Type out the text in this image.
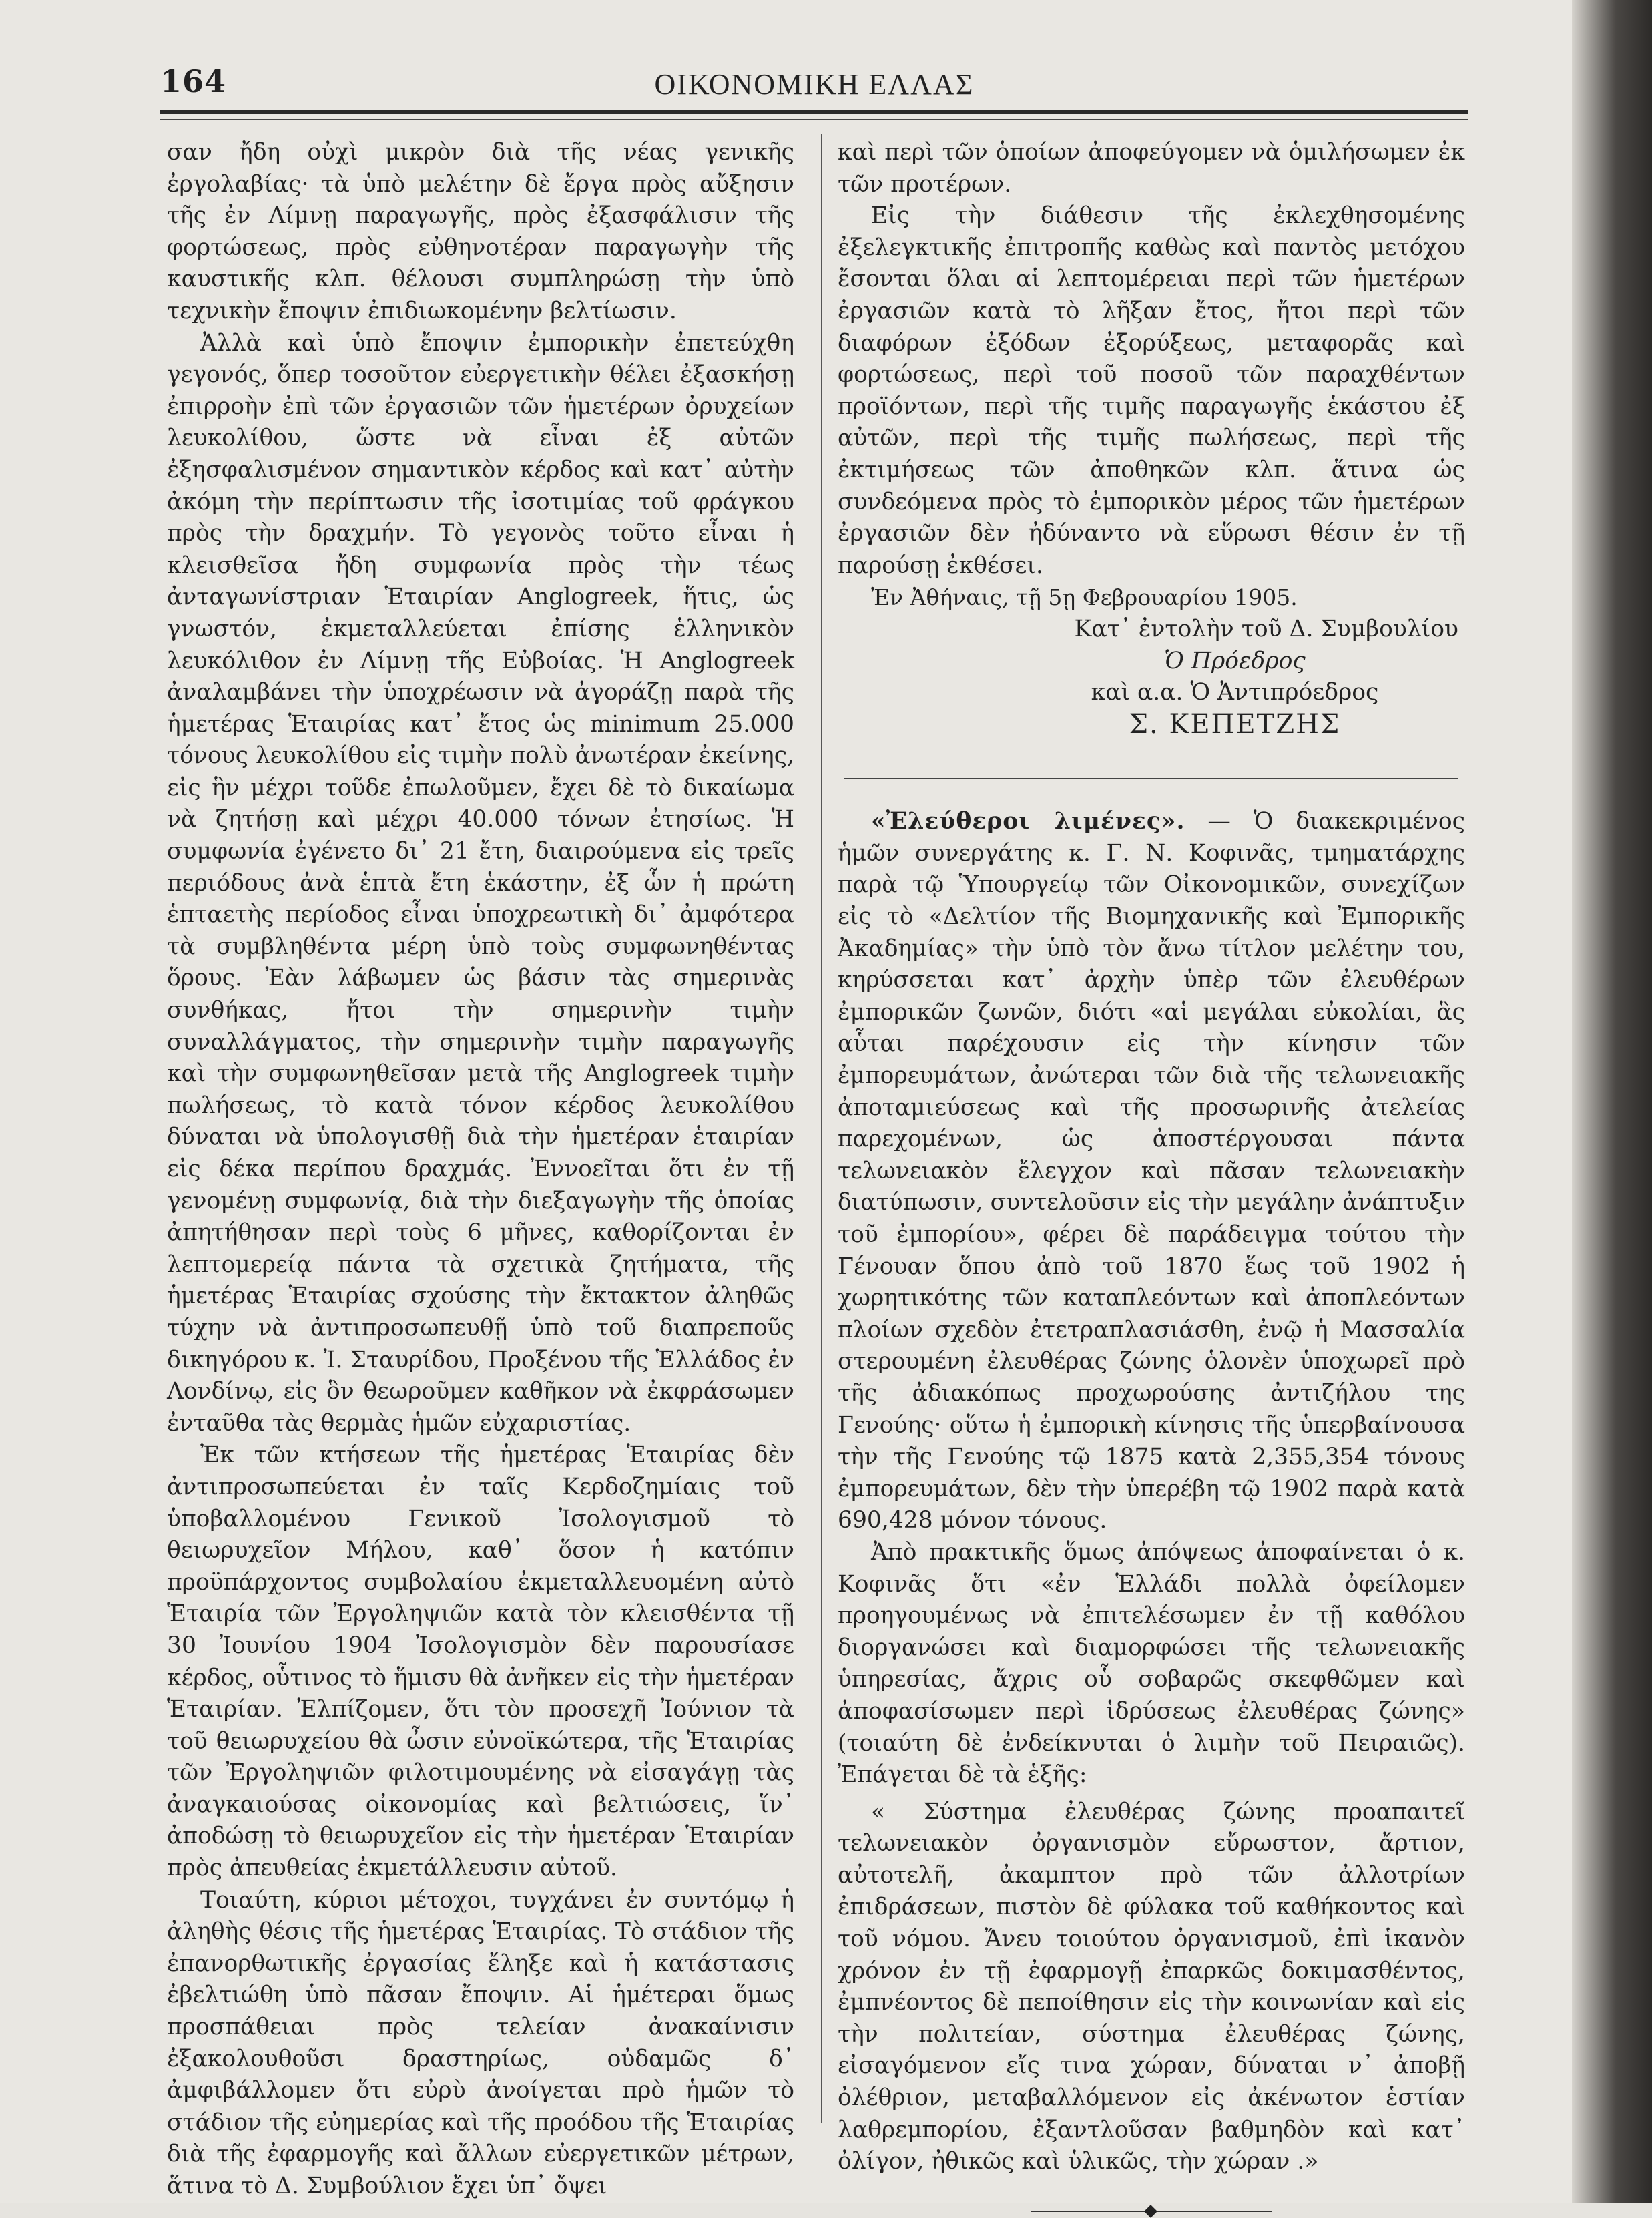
164	ΟΙΚΟΝΟΜΙΚΗ ΕΛΛΑΣ

σαν ἤδη οὐχὶ μικρὸν διὰ τῆς νέας γενικῆς ἐργολαβίας· τὰ ὑπὸ μελέτην δὲ ἔργα πρὸς αὔξησιν τῆς ἐν Λίμνῃ παραγωγῆς, πρὸς ἐξασφάλισιν τῆς φορτώσεως, πρὸς εὐθηνοτέραν παραγωγὴν τῆς καυστικῆς κλπ. θέλουσι συμπληρώσῃ τὴν ὑπὸ τεχνικὴν ἔποψιν ἐπιδιωκομένην βελτίωσιν.

Ἀλλὰ καὶ ὑπὸ ἔποψιν ἐμπορικὴν ἐπετεύχθη γεγονός, ὅπερ τοσοῦτον εὐεργετικὴν θέλει ἐξασκήσῃ ἐπιρροὴν ἐπὶ τῶν ἐργασιῶν τῶν ἡμετέρων ὀρυχείων λευκολίθου, ὥστε νὰ εἶναι ἐξ αὐτῶν ἐξησφαλισμένον σημαντικὸν κέρδος καὶ κατ᾽ αὐτὴν ἀκόμη τὴν περίπτωσιν τῆς ἰσοτιμίας τοῦ φράγκου πρὸς τὴν δραχμήν. Τὸ γεγονὸς τοῦτο εἶναι ἡ κλεισθεῖσα ἤδη συμφωνία πρὸς τὴν τέως ἀνταγωνίστριαν Ἑταιρίαν Anglogreek, ἥτις, ὡς γνωστόν, ἐκμεταλλεύεται ἐπίσης ἑλληνικὸν λευκόλιθον ἐν Λίμνῃ τῆς Εὐβοίας. Ἡ Anglogreek ἀναλαμβάνει τὴν ὑποχρέωσιν νὰ ἀγοράζῃ παρὰ τῆς ἡμετέρας Ἑταιρίας κατ᾽ ἔτος ὡς minimum 25.000 τόνους λευκολίθου εἰς τιμὴν πολὺ ἀνωτέραν ἐκείνης, εἰς ἣν μέχρι τοῦδε ἐπωλοῦμεν, ἔχει δὲ τὸ δικαίωμα νὰ ζητήσῃ καὶ μέχρι 40.000 τόνων ἐτησίως. Ἡ συμφωνία ἐγένετο δι᾽ 21 ἔτη, διαιρούμενα εἰς τρεῖς περιόδους ἀνὰ ἑπτὰ ἔτη ἑκάστην, ἐξ ὧν ἡ πρώτη ἑπταετὴς περίοδος εἶναι ὑποχρεωτικὴ δι᾽ ἀμφότερα τὰ συμβληθέντα μέρη ὑπὸ τοὺς συμφωνηθέντας ὅρους. Ἐὰν λάβωμεν ὡς βάσιν τὰς σημερινὰς συνθήκας, ἤτοι τὴν σημερινὴν τιμὴν συναλλάγματος, τὴν σημερινὴν τιμὴν παραγωγῆς καὶ τὴν συμφωνηθεῖσαν μετὰ τῆς Anglogreek τιμὴν πωλήσεως, τὸ κατὰ τόνον κέρδος λευκολίθου δύναται νὰ ὑπολογισθῇ διὰ τὴν ἡμετέραν ἑταιρίαν εἰς δέκα περίπου δραχμάς. Ἐννοεῖται ὅτι ἐν τῇ γενομένῃ συμφωνίᾳ, διὰ τὴν διεξαγωγὴν τῆς ὁποίας ἀπητήθησαν περὶ τοὺς 6 μῆνες, καθορίζονται ἐν λεπτομερείᾳ πάντα τὰ σχετικὰ ζητήματα, τῆς ἡμετέρας Ἑταιρίας σχούσης τὴν ἔκτακτον ἀληθῶς τύχην νὰ ἀντιπροσωπευθῇ ὑπὸ τοῦ διαπρεποῦς δικηγόρου κ. Ἰ. Σταυρίδου, Προξένου τῆς Ἑλλάδος ἐν Λονδίνῳ, εἰς ὃν θεωροῦμεν καθῆκον νὰ ἐκφράσωμεν ἐνταῦθα τὰς θερμὰς ἡμῶν εὐχαριστίας.

Ἐκ τῶν κτήσεων τῆς ἡμετέρας Ἑταιρίας δὲν ἀντιπροσωπεύεται ἐν ταῖς Κερδοζημίαις τοῦ ὑποβαλλομένου Γενικοῦ Ἰσολογισμοῦ τὸ θειωρυχεῖον Μήλου, καθ᾽ ὅσον ἡ κατόπιν προϋπάρχοντος συμβολαίου ἐκμεταλλευομένη αὐτὸ Ἑταιρία τῶν Ἐργοληψιῶν κατὰ τὸν κλεισθέντα τῇ 30 Ἰουνίου 1904 Ἰσολογισμὸν δὲν παρουσίασε κέρδος, οὗτινος τὸ ἥμισυ θὰ ἀνῆκεν εἰς τὴν ἡμετέραν Ἑταιρίαν. Ἐλπίζομεν, ὅτι τὸν προσεχῆ Ἰούνιον τὰ τοῦ θειωρυχείου θὰ ὦσιν εὐνοϊκώτερα, τῆς Ἑταιρίας τῶν Ἐργοληψιῶν φιλοτιμουμένης νὰ εἰσαγάγῃ τὰς ἀναγκαιούσας οἰκονομίας καὶ βελτιώσεις, ἵν᾽ ἀποδώσῃ τὸ θειωρυχεῖον εἰς τὴν ἡμετέραν Ἑταιρίαν πρὸς ἀπευθείας ἐκμετάλλευσιν αὐτοῦ.

Τοιαύτη, κύριοι μέτοχοι, τυγχάνει ἐν συντόμῳ ἡ ἀληθὴς θέσις τῆς ἡμετέρας Ἑταιρίας. Τὸ στάδιον τῆς ἐπανορθωτικῆς ἐργασίας ἔληξε καὶ ἡ κατάστασις ἐβελτιώθη ὑπὸ πᾶσαν ἔποψιν. Αἱ ἡμέτεραι ὅμως προσπάθειαι πρὸς τελείαν ἀνακαίνισιν ἐξακολουθοῦσι δραστηρίως, οὐδαμῶς δ᾽ ἀμφιβάλλομεν ὅτι εὐρὺ ἀνοίγεται πρὸ ἡμῶν τὸ στάδιον τῆς εὐημερίας καὶ τῆς προόδου τῆς Ἑταιρίας διὰ τῆς ἐφαρμογῆς καὶ ἄλλων εὐεργετικῶν μέτρων, ἅτινα τὸ Δ. Συμβούλιον ἔχει ὑπ᾽ ὄψει

καὶ περὶ τῶν ὁποίων ἀποφεύγομεν νὰ ὁμιλήσωμεν ἐκ τῶν προτέρων.

Εἰς τὴν διάθεσιν τῆς ἐκλεχθησομένης ἐξελεγκτικῆς ἐπιτροπῆς καθὼς καὶ παντὸς μετόχου ἔσονται ὅλαι αἱ λεπτομέρειαι περὶ τῶν ἡμετέρων ἐργασιῶν κατὰ τὸ λῆξαν ἔτος, ἤτοι περὶ τῶν διαφόρων ἐξόδων ἐξορύξεως, μεταφορᾶς καὶ φορτώσεως, περὶ τοῦ ποσοῦ τῶν παραχθέντων προϊόντων, περὶ τῆς τιμῆς παραγωγῆς ἑκάστου ἐξ αὐτῶν, περὶ τῆς τιμῆς πωλήσεως, περὶ τῆς ἐκτιμήσεως τῶν ἀποθηκῶν κλπ. ἅτινα ὡς συνδεόμενα πρὸς τὸ ἐμπορικὸν μέρος τῶν ἡμετέρων ἐργασιῶν δὲν ἠδύναντο νὰ εὕρωσι θέσιν ἐν τῇ παρούσῃ ἐκθέσει.

Ἐν Ἀθήναις, τῇ 5ῃ Φεβρουαρίου 1905.

Κατ᾽ ἐντολὴν τοῦ Δ. Συμβουλίου

Ὁ Πρόεδρος

καὶ α.α. Ὁ Ἀντιπρόεδρος

Σ. ΚΕΠΕΤΖΗΣ

«Ἐλεύθεροι λιμένες». — Ὁ διακεκριμένος ἡμῶν συνεργάτης κ. Γ. Ν. Κοφινᾶς, τμηματάρχης παρὰ τῷ Ὑπουργείῳ τῶν Οἰκονομικῶν, συνεχίζων εἰς τὸ «Δελτίον τῆς Βιομηχανικῆς καὶ Ἐμπορικῆς Ἀκαδημίας» τὴν ὑπὸ τὸν ἄνω τίτλον μελέτην του, κηρύσσεται κατ᾽ ἀρχὴν ὑπὲρ τῶν ἐλευθέρων ἐμπορικῶν ζωνῶν, διότι «αἱ μεγάλαι εὐκολίαι, ἃς αὗται παρέχουσιν εἰς τὴν κίνησιν τῶν ἐμπορευμάτων, ἀνώτεραι τῶν διὰ τῆς τελωνειακῆς ἀποταμιεύσεως καὶ τῆς προσωρινῆς ἀτελείας παρεχομένων, ὡς ἀποστέργουσαι πάντα τελωνειακὸν ἔλεγχον καὶ πᾶσαν τελωνειακὴν διατύπωσιν, συντελοῦσιν εἰς τὴν μεγάλην ἀνάπτυξιν τοῦ ἐμπορίου», φέρει δὲ παράδειγμα τούτου τὴν Γένουαν ὅπου ἀπὸ τοῦ 1870 ἕως τοῦ 1902 ἡ χωρητικότης τῶν καταπλεόντων καὶ ἀποπλεόντων πλοίων σχεδὸν ἐτετραπλασιάσθη, ἐνῷ ἡ Μασσαλία στερουμένη ἐλευθέρας ζώνης ὁλονὲν ὑποχωρεῖ πρὸ τῆς ἀδιακόπως προχωρούσης ἀντιζήλου της Γενούης· οὕτω ἡ ἐμπορικὴ κίνησις τῆς ὑπερβαίνουσα τὴν τῆς Γενούης τῷ 1875 κατὰ 2,355,354 τόνους ἐμπορευμάτων, δὲν τὴν ὑπερέβη τῷ 1902 παρὰ κατὰ 690,428 μόνον τόνους.

Ἀπὸ πρακτικῆς ὅμως ἀπόψεως ἀποφαίνεται ὁ κ. Κοφινᾶς ὅτι «ἐν Ἑλλάδι πολλὰ ὀφείλομεν προηγουμένως νὰ ἐπιτελέσωμεν ἐν τῇ καθόλου διοργανώσει καὶ διαμορφώσει τῆς τελωνειακῆς ὑπηρεσίας, ἄχρις οὗ σοβαρῶς σκεφθῶμεν καὶ ἀποφασίσωμεν περὶ ἱδρύσεως ἐλευθέρας ζώνης» (τοιαύτη δὲ ἐνδείκνυται ὁ λιμὴν τοῦ Πειραιῶς). Ἐπάγεται δὲ τὰ ἑξῆς:

« Σύστημα ἐλευθέρας ζώνης προαπαιτεῖ τελωνειακὸν ὀργανισμὸν εὔρωστον, ἄρτιον, αὐτοτελῆ, ἀκαμπτον πρὸ τῶν ἀλλοτρίων ἐπιδράσεων, πιστὸν δὲ φύλακα τοῦ καθήκοντος καὶ τοῦ νόμου. Ἄνευ τοιούτου ὀργανισμοῦ, ἐπὶ ἱκανὸν χρόνον ἐν τῇ ἐφαρμογῇ ἐπαρκῶς δοκιμασθέντος, ἐμπνέοντος δὲ πεποίθησιν εἰς τὴν κοινωνίαν καὶ εἰς τὴν πολιτείαν, σύστημα ἐλευθέρας ζώνης, εἰσαγόμενον εἴς τινα χώραν, δύναται ν᾽ ἀποβῇ ὀλέθριον, μεταβαλλόμενον εἰς ἀκένωτον ἑστίαν λαθρεμπορίου, ἐξαντλοῦσαν βαθμηδὸν καὶ κατ᾽ ὀλίγον, ἠθικῶς καὶ ὑλικῶς, τὴν χώραν .»
